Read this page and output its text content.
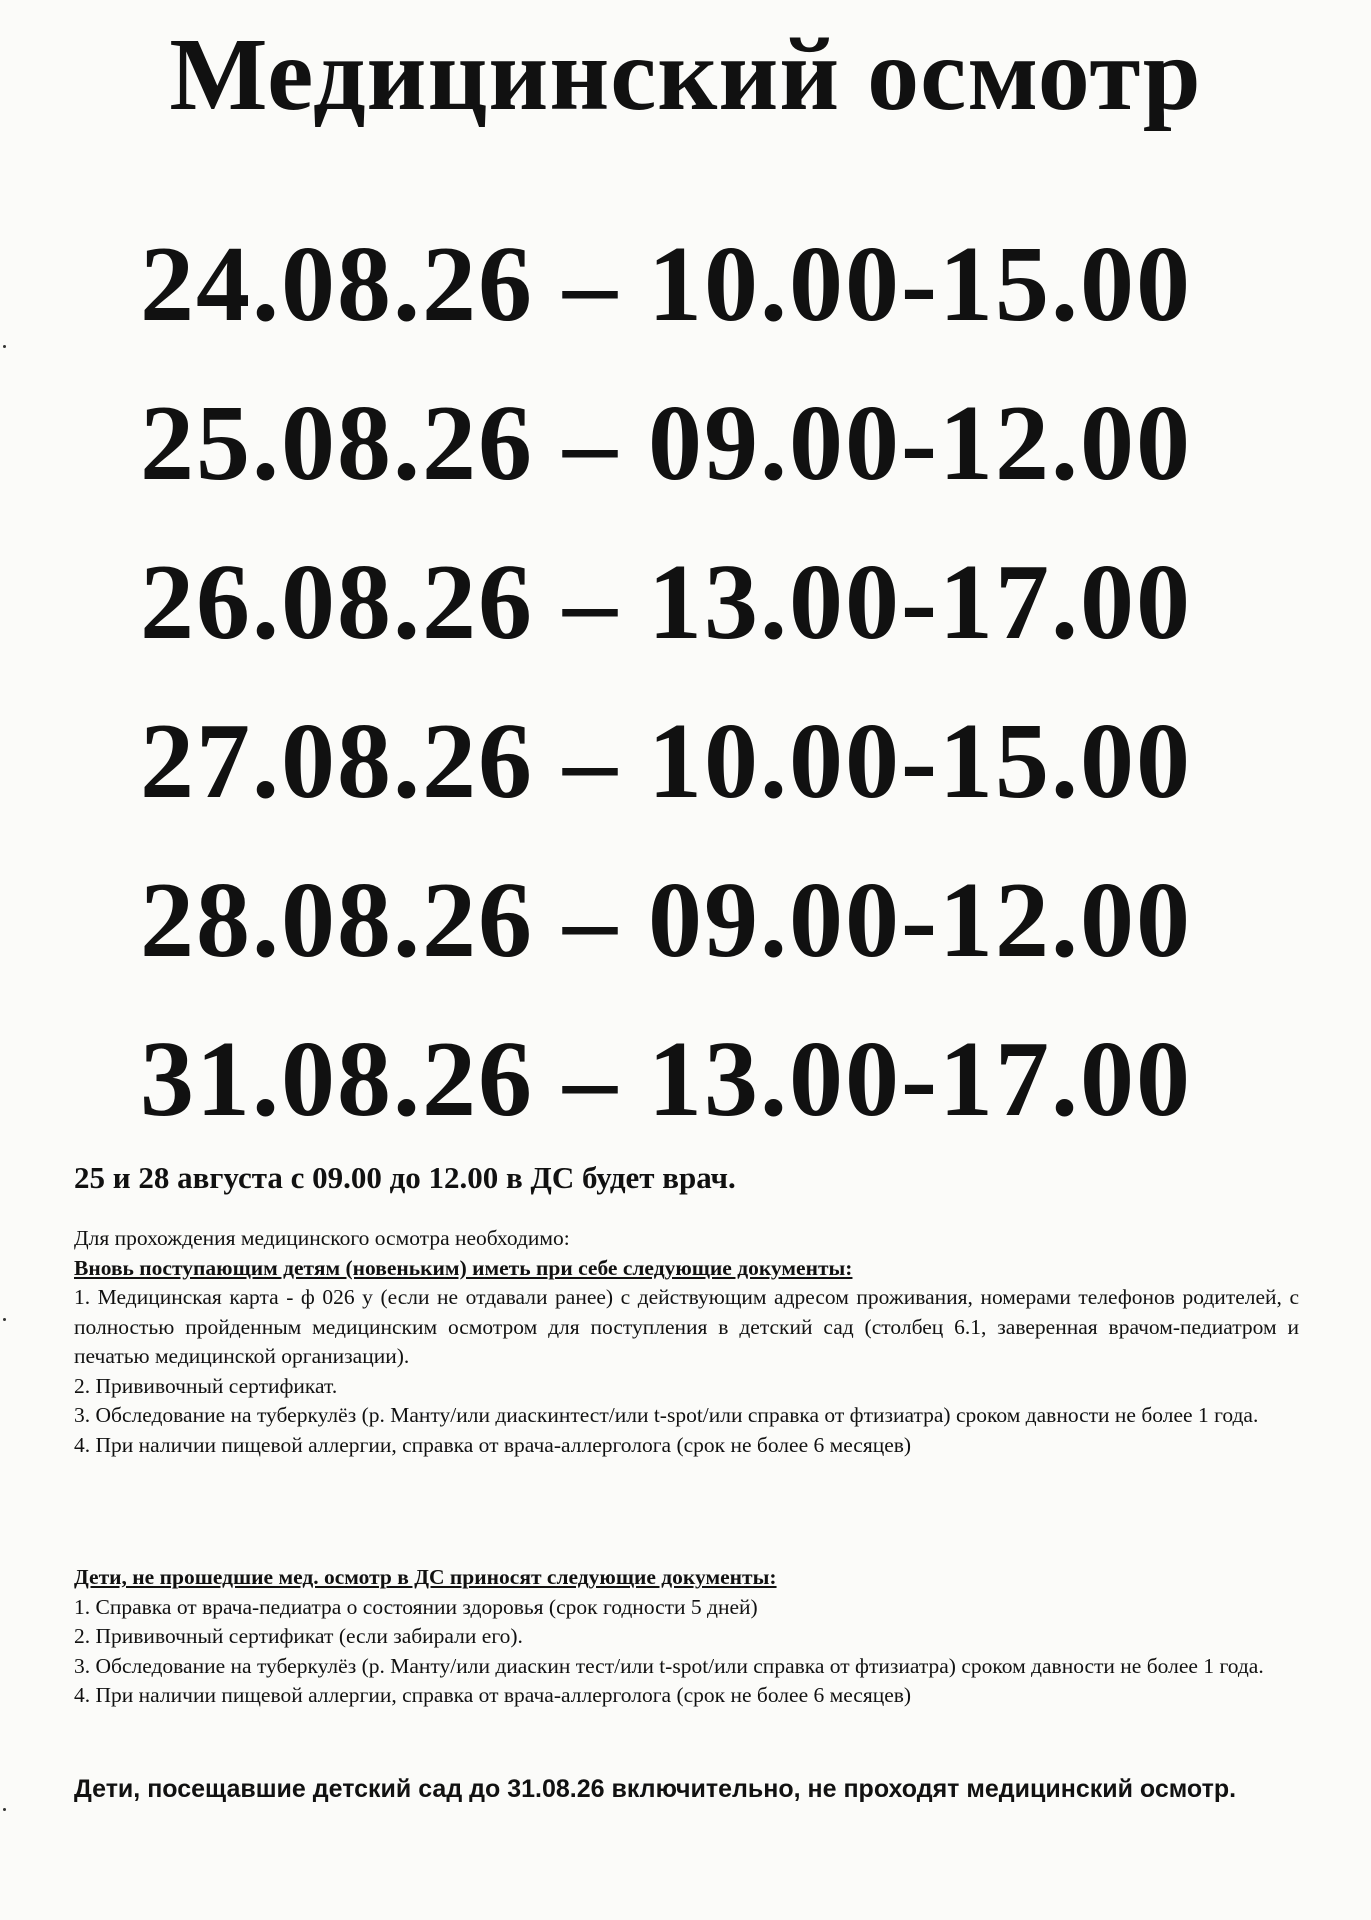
Медицинский осмотр
24.08.26 – 10.00-15.00
25.08.26 – 09.00-12.00
26.08.26 – 13.00-17.00
27.08.26 – 10.00-15.00
28.08.26 – 09.00-12.00
31.08.26 – 13.00-17.00
25 и 28 августа с 09.00 до 12.00 в ДС будет врач.

Для прохождения медицинского осмотра необходимо:

Вновь поступающим детям (новеньким) иметь при себе следующие документы:

1. Медицинская карта - ф 026 у (если не отдавали ранее) с действующим адресом проживания, номерами телефонов родителей, с полностью пройденным медицинским осмотром для поступления в детский сад (столбец 6.1, заверенная врачом-педиатром и печатью медицинской организации).

2. Прививочный сертификат.

3. Обследование на туберкулёз (р. Манту/или диаскинтест/или t-spot/или справка от фтизиатра) сроком давности не более 1 года.

4. При наличии пищевой аллергии, справка от врача-аллерголога (срок не более 6 месяцев)

Дети, не прошедшие мед. осмотр в ДС приносят следующие документы:

1. Справка от врача-педиатра о состоянии здоровья (срок годности 5 дней)

2. Прививочный сертификат (если забирали его).

3. Обследование на туберкулёз (р. Манту/или диаскин тест/или t-spot/или справка от фтизиатра) сроком давности не более 1 года.

4. При наличии пищевой аллергии, справка от врача-аллерголога (срок не более 6 месяцев)

Дети, посещавшие детский сад до 31.08.26 включительно, не проходят медицинский осмотр.
